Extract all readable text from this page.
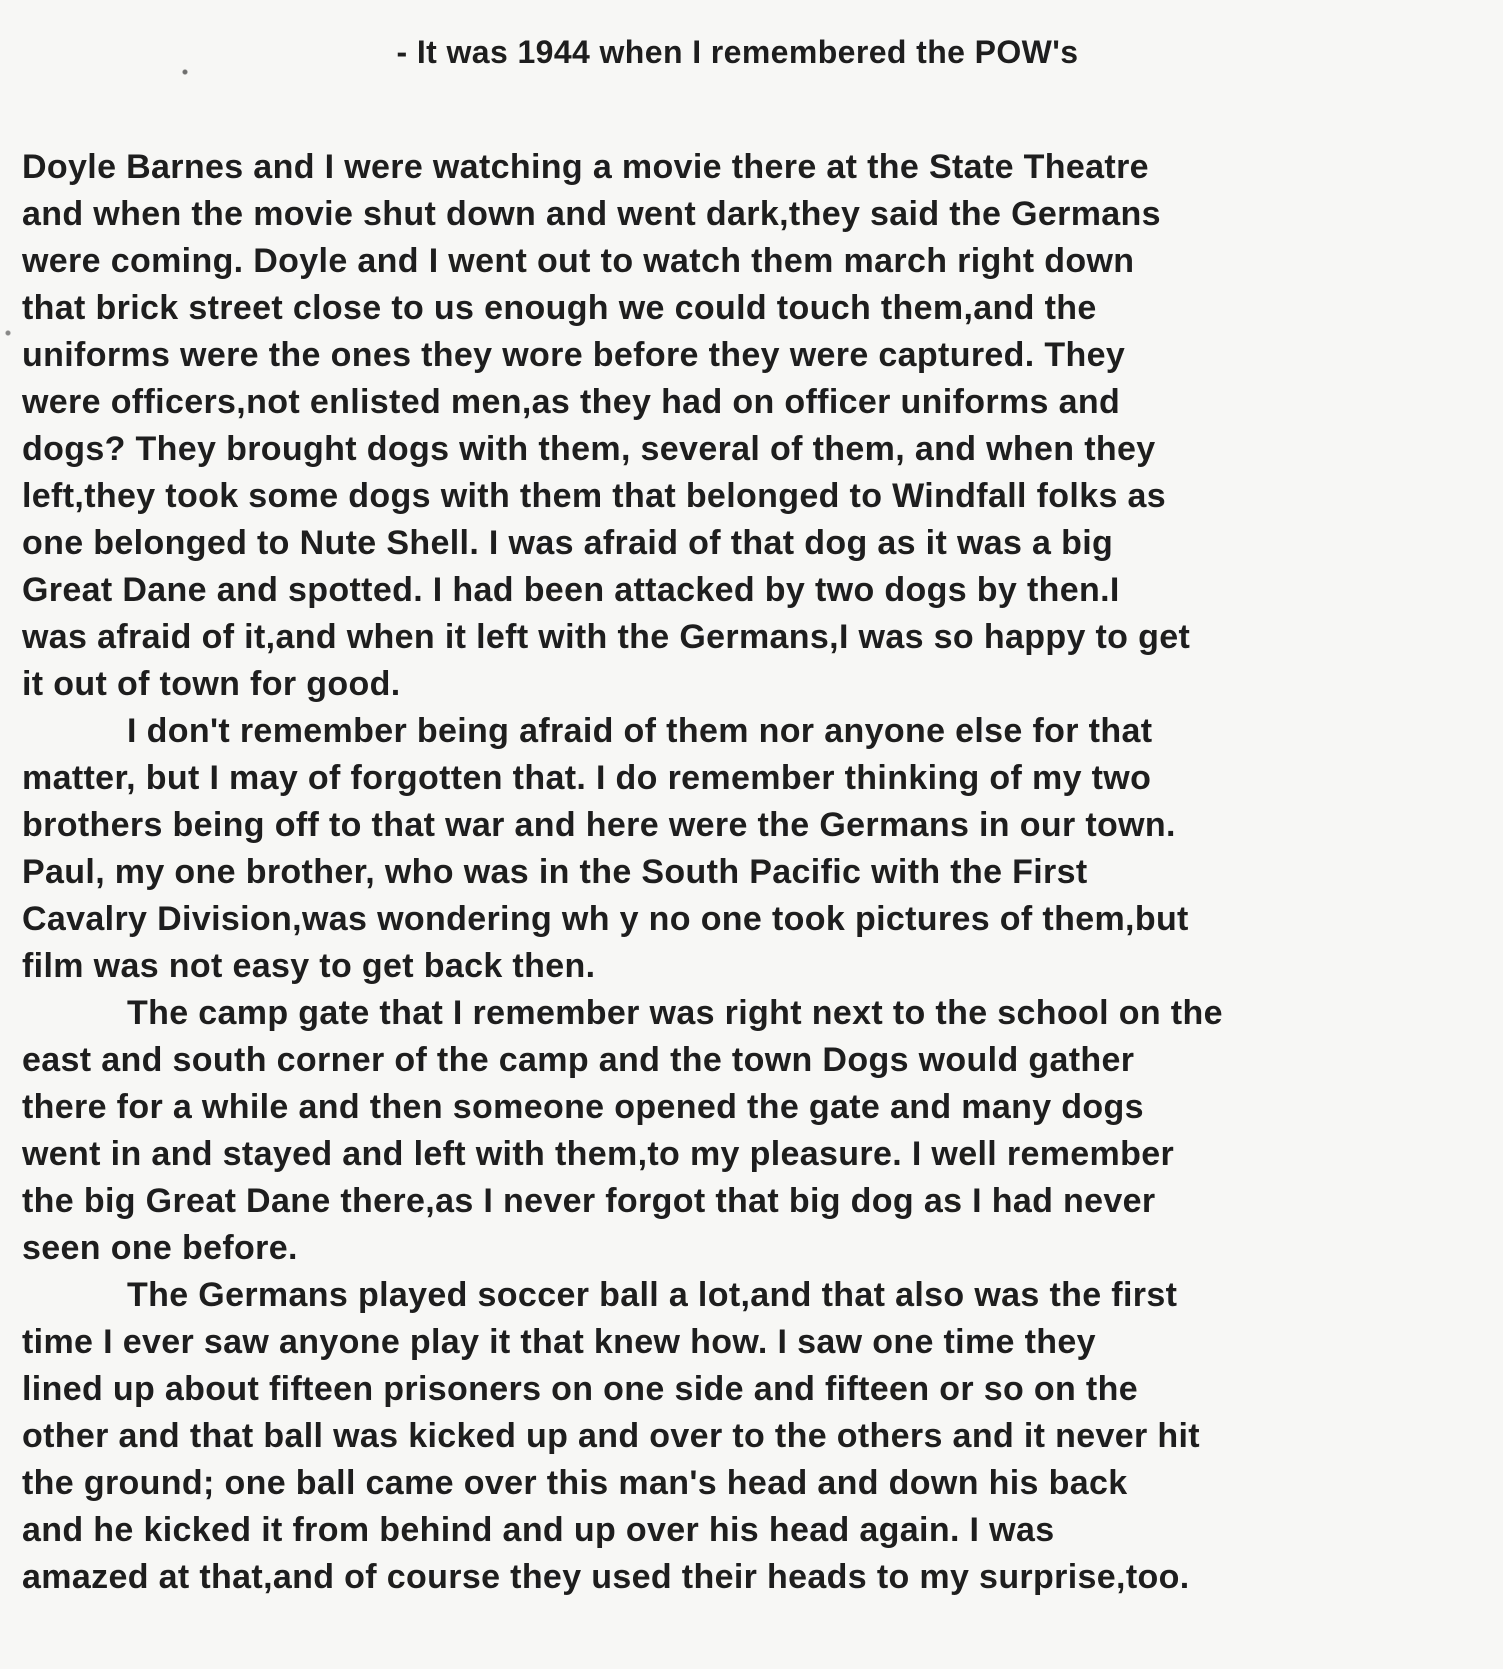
‐ It was 1944 when I remembered the POW's

Doyle Barnes and I were watching a movie there at the State Theatre
and when the movie shut down and went dark,they said the Germans
were coming. Doyle and I went out to watch them march right down
that brick street close to us enough we could touch them,and the
uniforms were the ones they wore before they were captured. They
were officers,not enlisted men,as they had on officer uniforms and
dogs? They brought dogs with them, several of them, and when they
left,they took some dogs with them that belonged to Windfall folks as
one belonged to Nute Shell. I was afraid of that dog as it was a big
Great Dane and spotted. I had been attacked by two dogs by then.I
was afraid of it,and when it left with the Germans,I was so happy to get
it out of town for good.

I don't remember being afraid of them nor anyone else for that
matter, but I may of forgotten that. I do remember thinking of my two
brothers being off to that war and here were the Germans in our town.
Paul, my one brother, who was in the South Pacific with the First
Cavalry Division,was wondering wh y no one took pictures of them,but
film was not easy to get back then.

The camp gate that I remember was right next to the school on the
east and south corner of the camp and the town Dogs would gather
there for a while and then someone opened the gate and many dogs
went in and stayed and left with them,to my pleasure. I well remember
the big Great Dane there,as I never forgot that big dog as I had never
seen one before.

The Germans played soccer ball a lot,and that also was the first
time I ever saw anyone play it that knew how. I saw one time they
lined up about fifteen prisoners on one side and fifteen or so on the
other and that ball was kicked up and over to the others and it never hit
the ground; one ball came over this man's head and down his back
and he kicked it from behind and up over his head again. I was
amazed at that,and of course they used their heads to my surprise,too.
